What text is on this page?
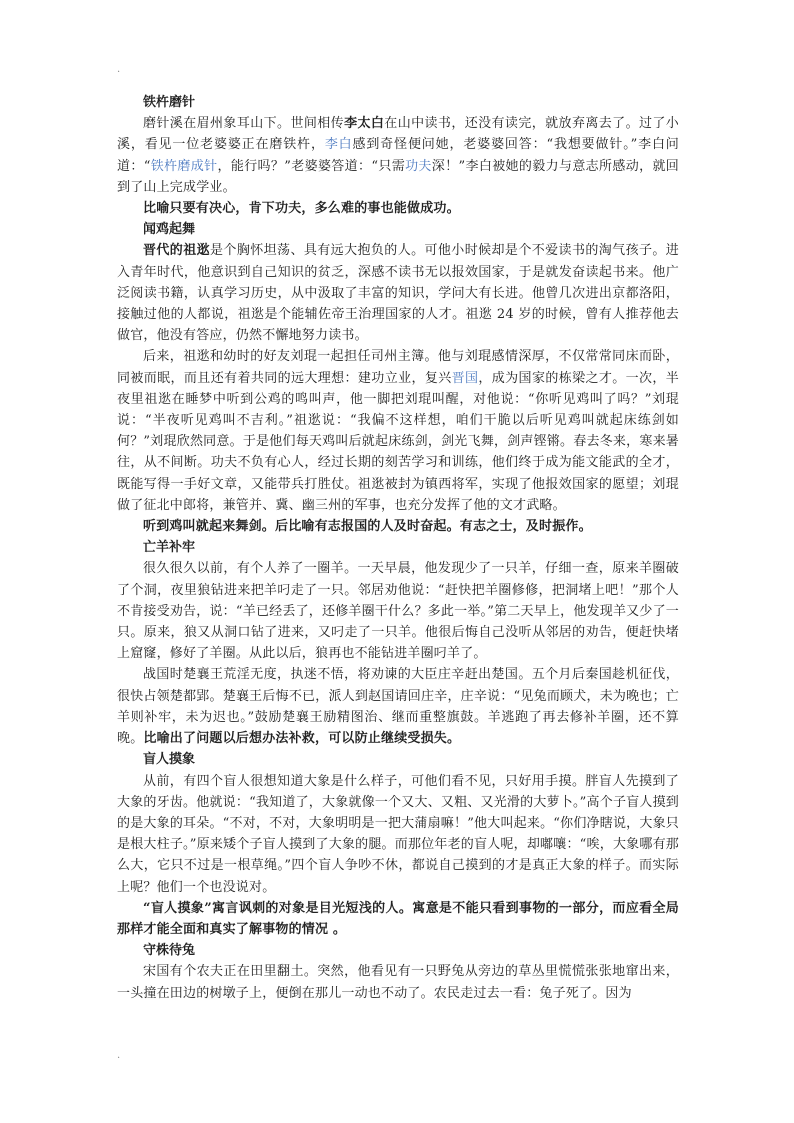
.

铁杵磨针

磨针溪在眉州象耳山下。世间相传李太白在山中读书，还没有读完，就放弃离去了。过了小溪，看见一位老婆婆正在磨铁杵，李白感到奇怪便问她，老婆婆回答：“我想要做针。”李白问道：“铁杵磨成针，能行吗？”老婆婆答道：“只需功夫深！”李白被她的毅力与意志所感动，就回到了山上完成学业。

比喻只要有决心，肯下功夫，多么难的事也能做成功。

闻鸡起舞

晋代的祖逖是个胸怀坦荡、具有远大抱负的人。可他小时候却是个不爱读书的淘气孩子。进入青年时代，他意识到自己知识的贫乏，深感不读书无以报效国家，于是就发奋读起书来。他广泛阅读书籍，认真学习历史，从中汲取了丰富的知识，学问大有长进。他曾几次进出京都洛阳，接触过他的人都说，祖逖是个能辅佐帝王治理国家的人才。祖逖 24 岁的时候，曾有人推荐他去做官，他没有答应，仍然不懈地努力读书。

后来，祖逖和幼时的好友刘琨一起担任司州主簿。他与刘琨感情深厚，不仅常常同床而卧，同被而眠，而且还有着共同的远大理想：建功立业，复兴晋国，成为国家的栋梁之才。一次，半夜里祖逖在睡梦中听到公鸡的鸣叫声，他一脚把刘琨叫醒，对他说：“你听见鸡叫了吗？”刘琨说：“半夜听见鸡叫不吉利。”祖逖说：“我偏不这样想，咱们干脆以后听见鸡叫就起床练剑如何？”刘琨欣然同意。于是他们每天鸡叫后就起床练剑，剑光飞舞，剑声铿锵。春去冬来，寒来暑往，从不间断。功夫不负有心人，经过长期的刻苦学习和训练，他们终于成为能文能武的全才，既能写得一手好文章，又能带兵打胜仗。祖逖被封为镇西将军，实现了他报效国家的愿望；刘琨做了征北中郎将，兼管并、冀、幽三州的军事，也充分发挥了他的文才武略。

听到鸡叫就起来舞剑。后比喻有志报国的人及时奋起。有志之士，及时振作。

亡羊补牢

很久很久以前，有个人养了一圈羊。一天早晨，他发现少了一只羊，仔细一查，原来羊圈破了个洞，夜里狼钻进来把羊叼走了一只。邻居劝他说：“赶快把羊圈修修，把洞堵上吧！”那个人不肯接受劝告，说：“羊已经丢了，还修羊圈干什么？多此一举。”第二天早上，他发现羊又少了一只。原来，狼又从洞口钻了进来，又叼走了一只羊。他很后悔自己没听从邻居的劝告，便赶快堵上窟窿，修好了羊圈。从此以后，狼再也不能钻进羊圈叼羊了。

战国时楚襄王荒淫无度，执迷不悟，将劝谏的大臣庄辛赶出楚国。五个月后秦国趁机征伐，很快占领楚都郢。楚襄王后悔不已，派人到赵国请回庄辛，庄辛说：“见兔而顾犬，未为晚也；亡羊则补牢，未为迟也。”鼓励楚襄王励精图治、继而重整旗鼓。羊逃跑了再去修补羊圈，还不算晚。比喻出了问题以后想办法补救，可以防止继续受损失。

盲人摸象

从前，有四个盲人很想知道大象是什么样子，可他们看不见，只好用手摸。胖盲人先摸到了大象的牙齿。他就说：“我知道了，大象就像一个又大、又粗、又光滑的大萝卜。”高个子盲人摸到的是大象的耳朵。“不对，不对，大象明明是一把大蒲扇嘛！”他大叫起来。“你们净瞎说，大象只是根大柱子。”原来矮个子盲人摸到了大象的腿。而那位年老的盲人呢，却嘟嚷：“唉，大象哪有那么大，它只不过是一根草绳。”四个盲人争吵不休，都说自己摸到的才是真正大象的样子。而实际上呢？他们一个也没说对。

“盲人摸象”寓言讽刺的对象是目光短浅的人。寓意是不能只看到事物的一部分，而应看全局那样才能全面和真实了解事物的情况 。

守株待兔

宋国有个农夫正在田里翻土。突然，他看见有一只野兔从旁边的草丛里慌慌张张地窜出来，一头撞在田边的树墩子上，便倒在那儿一动也不动了。农民走过去一看：兔子死了。因为

.
